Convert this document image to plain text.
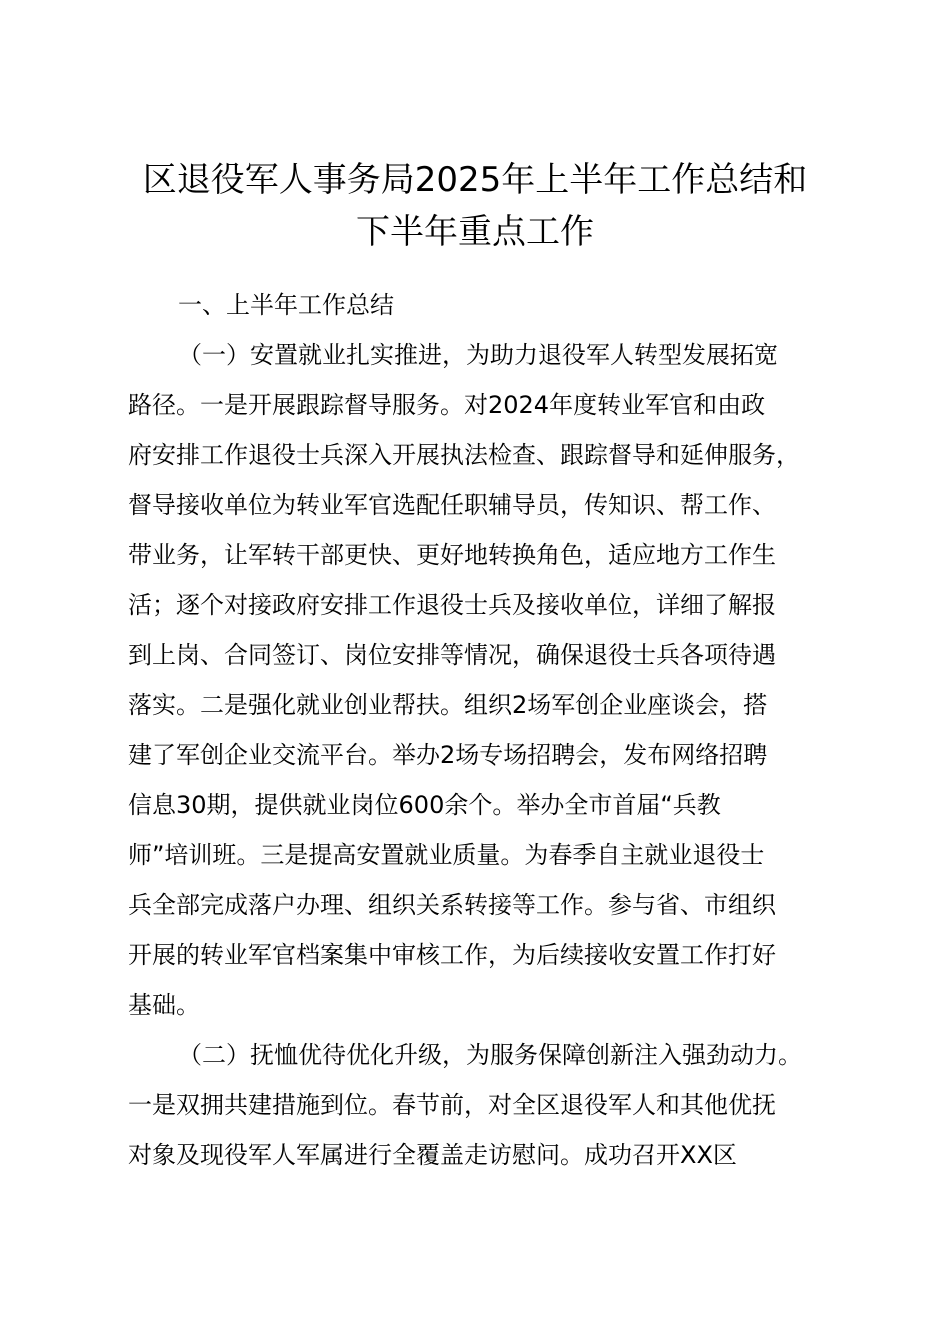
区退役军人事务局2025年上半年工作总结和
下半年重点工作
一、上半年工作总结
（一）安置就业扎实推进，为助力退役军人转型发展拓宽
路径。一是开展跟踪督导服务。对2024年度转业军官和由政
府安排工作退役士兵深入开展执法检查、跟踪督导和延伸服务，
督导接收单位为转业军官选配任职辅导员，传知识、帮工作、
带业务，让军转干部更快、更好地转换角色，适应地方工作生
活；逐个对接政府安排工作退役士兵及接收单位，详细了解报
到上岗、合同签订、岗位安排等情况，确保退役士兵各项待遇
落实。二是强化就业创业帮扶。组织2场军创企业座谈会，搭
建了军创企业交流平台。举办2场专场招聘会，发布网络招聘
信息30期，提供就业岗位600余个。举办全市首届“兵教
师”培训班。三是提高安置就业质量。为春季自主就业退役士
兵全部完成落户办理、组织关系转接等工作。参与省、市组织
开展的转业军官档案集中审核工作，为后续接收安置工作打好
基础。
（二）抚恤优待优化升级，为服务保障创新注入强劲动力。
一是双拥共建措施到位。春节前，对全区退役军人和其他优抚
对象及现役军人军属进行全覆盖走访慰问。成功召开XX区
